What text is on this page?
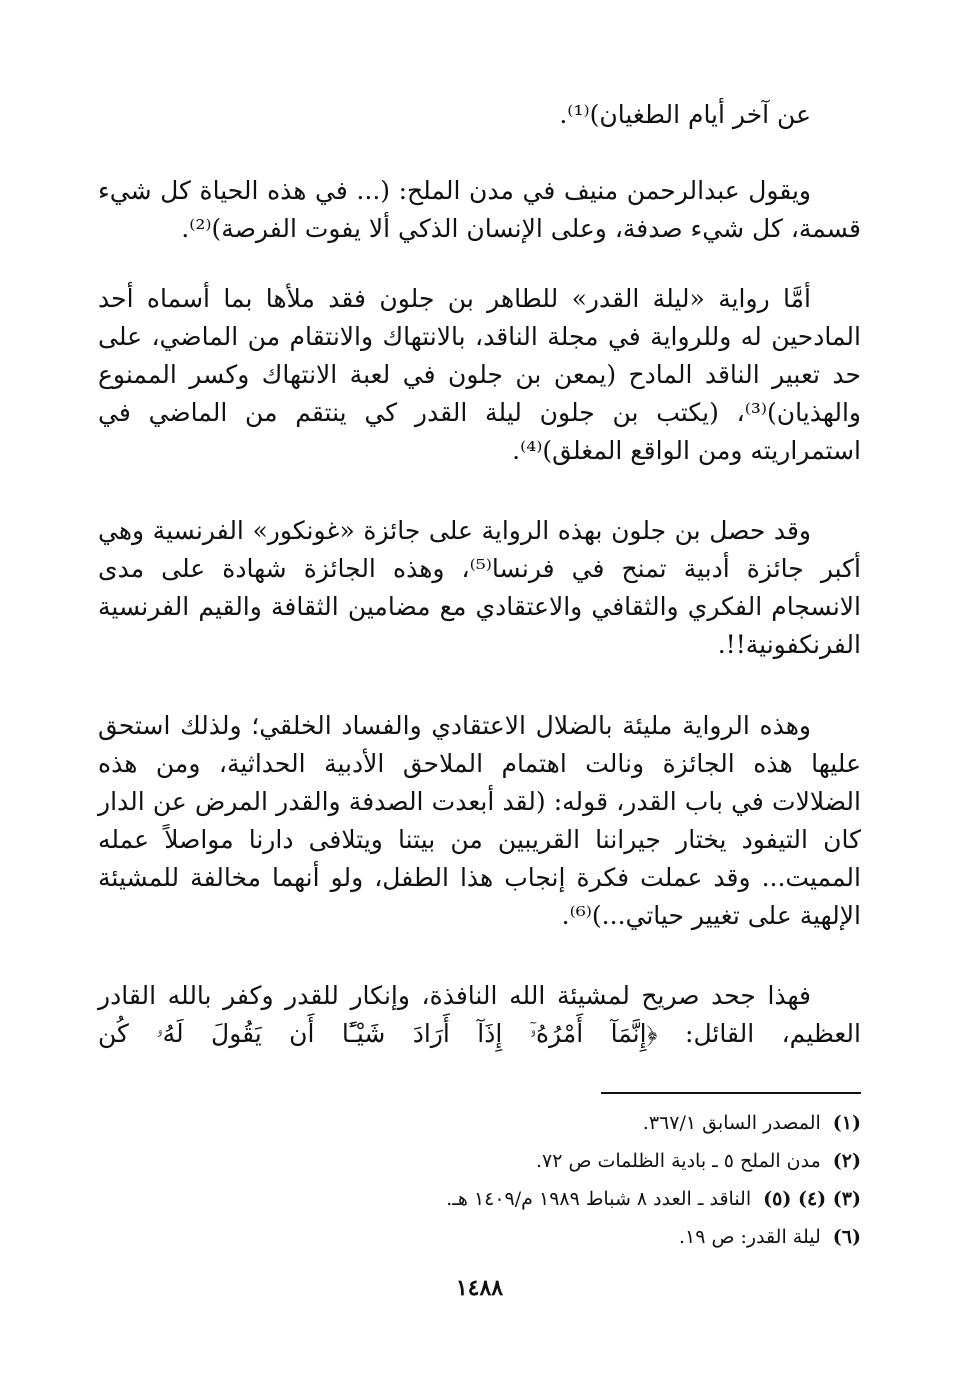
عن آخر أيام الطغيان)⁽¹⁾.

ويقول عبدالرحمن منيف في مدن الملح: (... في هذه الحياة كل شيء قسمة، كل شيء صدفة، وعلى الإنسان الذكي ألا يفوت الفرصة)⁽²⁾.

أمَّا رواية «ليلة القدر» للطاهر بن جلون فقد ملأها بما أسماه أحد المادحين له وللرواية في مجلة الناقد، بالانتهاك والانتقام من الماضي، على حد تعبير الناقد المادح (يمعن بن جلون في لعبة الانتهاك وكسر الممنوع والهذيان)⁽³⁾، (يكتب بن جلون ليلة القدر كي ينتقم من الماضي في استمراريته ومن الواقع المغلق)⁽⁴⁾.

وقد حصل بن جلون بهذه الرواية على جائزة «غونكور» الفرنسية وهي أكبر جائزة أدبية تمنح في فرنسا⁽⁵⁾، وهذه الجائزة شهادة على مدى الانسجام الفكري والثقافي والاعتقادي مع مضامين الثقافة والقيم الفرنسية الفرنكفونية!!.

وهذه الرواية مليئة بالضلال الاعتقادي والفساد الخلقي؛ ولذلك استحق عليها هذه الجائزة ونالت اهتمام الملاحق الأدبية الحداثية، ومن هذه الضلالات في باب القدر، قوله: (لقد أبعدت الصدفة والقدر المرض عن الدار كان التيفود يختار جيراننا القريبين من بيتنا ويتلافى دارنا مواصلاً عمله المميت... وقد عملت فكرة إنجاب هذا الطفل، ولو أنهما مخالفة للمشيئة الإلهية على تغيير حياتي...)⁽⁶⁾.

فهذا جحد صريح لمشيئة الله النافذة، وإنكار للقدر وكفر بالله القادر العظيم، القائل: ﴿إِنَّمَآ أَمْرُهُۥٓ إِذَآ أَرَادَ شَيْـًٔا أَن يَقُولَ لَهُۥ كُن

(١)المصدر السابق ٣٦٧/١.
(٢)مدن الملح ٥ ـ بادية الظلمات ص ٧٢.
(٣) (٤) (٥)الناقد ـ العدد ٨ شباط ١٩٨٩ م/١٤٠٩ هـ.
(٦)ليلة القدر: ص ١٩.
١٤٨٨
